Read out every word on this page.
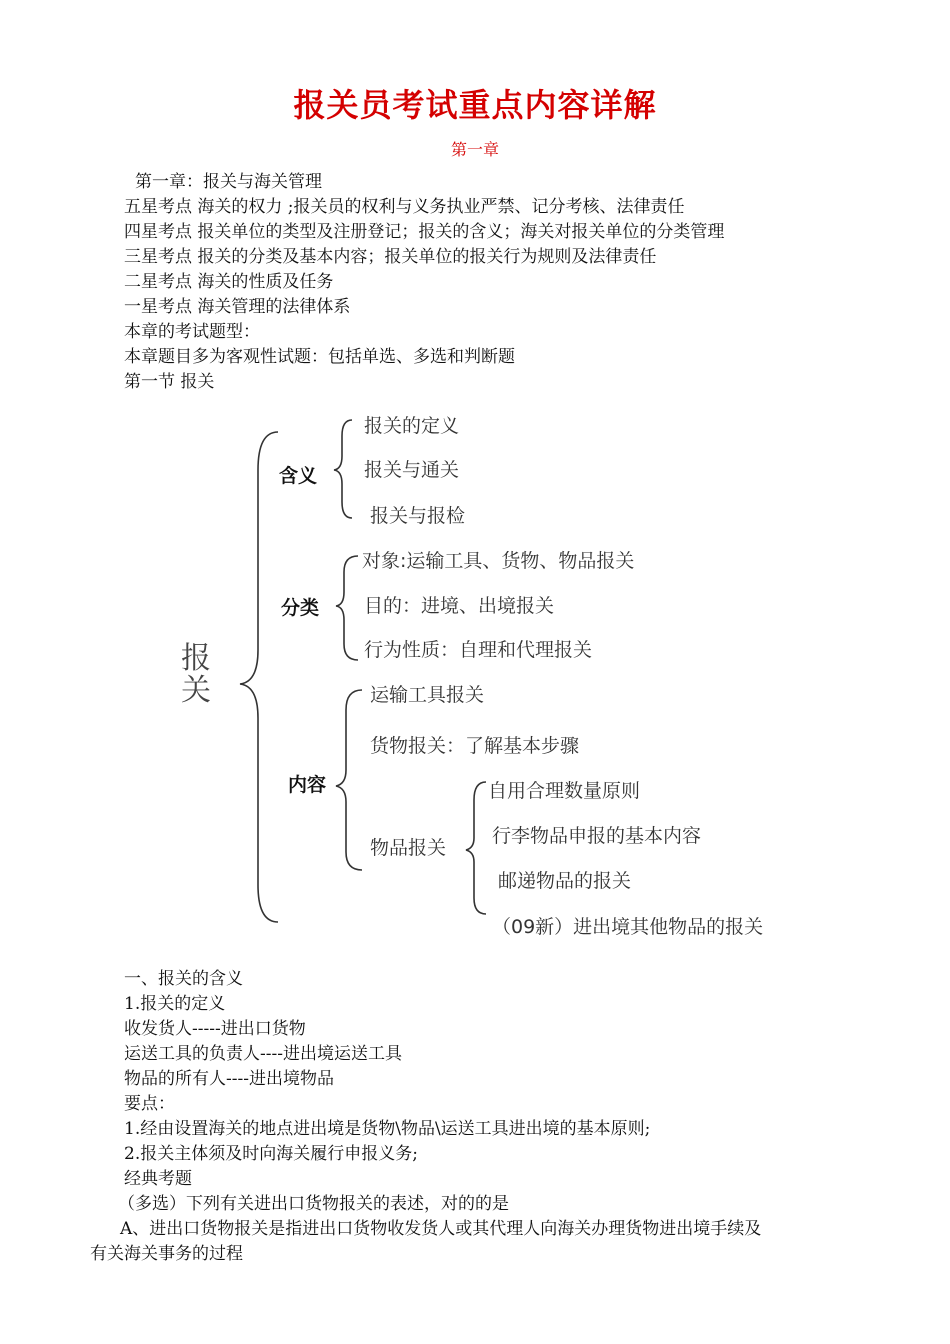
报关员考试重点内容详解
第一章
第一章：报关与海关管理
五星考点 海关的权力 ;报关员的权利与义务执业严禁、记分考核、法律责任
四星考点 报关单位的类型及注册登记；报关的含义；海关对报关单位的分类管理
三星考点 报关的分类及基本内容；报关单位的报关行为规则及法律责任
二星考点 海关的性质及任务
一星考点 海关管理的法律体系
本章的考试题型：
本章题目多为客观性试题：包括单选、多选和判断题
第一节 报关
报
关
含义
报关的定义
报关与通关
报关与报检
分类
对象:运输工具、货物、物品报关
目的：进境、出境报关
行为性质：自理和代理报关
内容
运输工具报关
货物报关：了解基本步骤
物品报关
自用合理数量原则
行李物品申报的基本内容
邮递物品的报关
（09新）进出境其他物品的报关
一、报关的含义
1.报关的定义
收发货人-----进出口货物
运送工具的负责人----进出境运送工具
物品的所有人----进出境物品
要点：
1.经由设置海关的地点进出境是货物\物品\运送工具进出境的基本原则;
2.报关主体须及时向海关履行申报义务;
经典考题
（多选）下列有关进出口货物报关的表述，对的的是
A、进出口货物报关是指进出口货物收发货人或其代理人向海关办理货物进出境手续及
有关海关事务的过程
